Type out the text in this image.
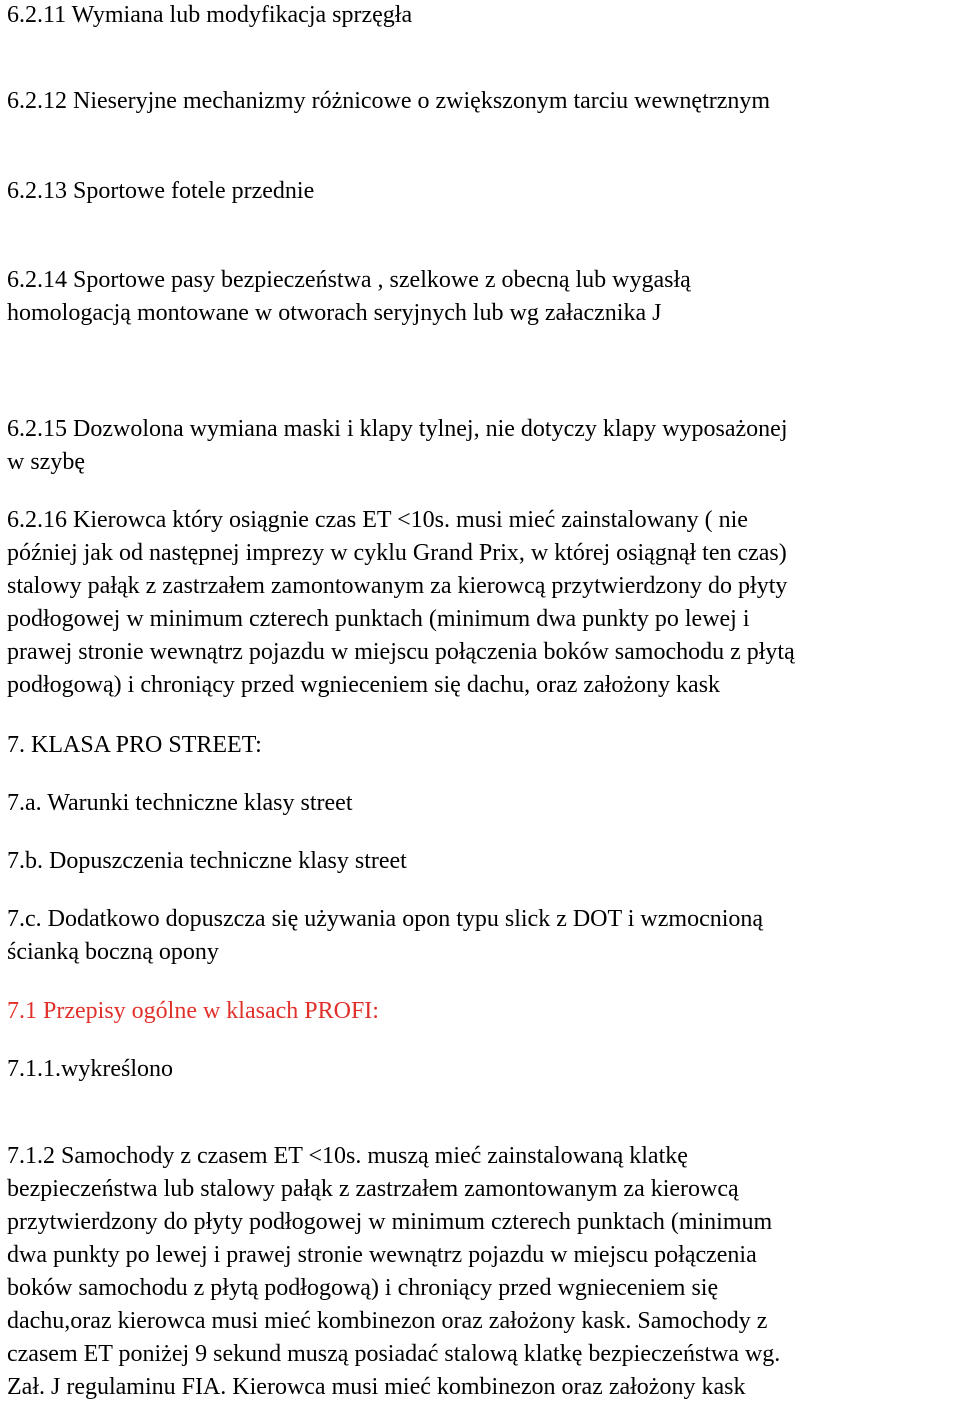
6.2.11 Wymiana lub modyfikacja sprzęgła

6.2.12 Nieseryjne mechanizmy różnicowe o zwiększonym tarciu wewnętrznym

6.2.13 Sportowe fotele przednie

6.2.14 Sportowe pasy bezpieczeństwa , szelkowe z obecną lub wygasłą
homologacją montowane w otworach seryjnych lub wg załacznika J
6.2.15 Dozwolona wymiana maski i klapy tylnej, nie dotyczy klapy wyposażonej
w szybę
6.2.16 Kierowca który osiągnie czas ET <10s. musi mieć zainstalowany ( nie
później jak od następnej imprezy w cyklu Grand Prix, w której osiągnął ten czas)
stalowy pałąk z zastrzałem zamontowanym za kierowcą przytwierdzony do płyty
podłogowej w minimum czterech punktach (minimum dwa punkty po lewej i
prawej stronie wewnątrz pojazdu w miejscu połączenia boków samochodu z płytą
podłogową) i chroniący przed wgnieceniem się dachu, oraz założony kask

7. KLASA PRO STREET:

7.a. Warunki techniczne klasy street

7.b. Dopuszczenia techniczne klasy street

7.c. Dodatkowo dopuszcza się używania opon typu slick z DOT i wzmocnioną
ścianką boczną opony

7.1 Przepisy ogólne w klasach PROFI:

7.1.1.wykreślono

7.1.2 Samochody z czasem ET <10s. muszą mieć zainstalowaną klatkę
bezpieczeństwa lub stalowy pałąk z zastrzałem zamontowanym za kierowcą
przytwierdzony do płyty podłogowej w minimum czterech punktach (minimum
dwa punkty po lewej i prawej stronie wewnątrz pojazdu w miejscu połączenia
boków samochodu z płytą podłogową) i chroniący przed wgnieceniem się
dachu,oraz kierowca musi mieć kombinezon oraz założony kask. Samochody z
czasem ET poniżej 9 sekund muszą posiadać stalową klatkę bezpieczeństwa wg.
Zał. J regulaminu FIA. Kierowca musi mieć kombinezon oraz założony kask
